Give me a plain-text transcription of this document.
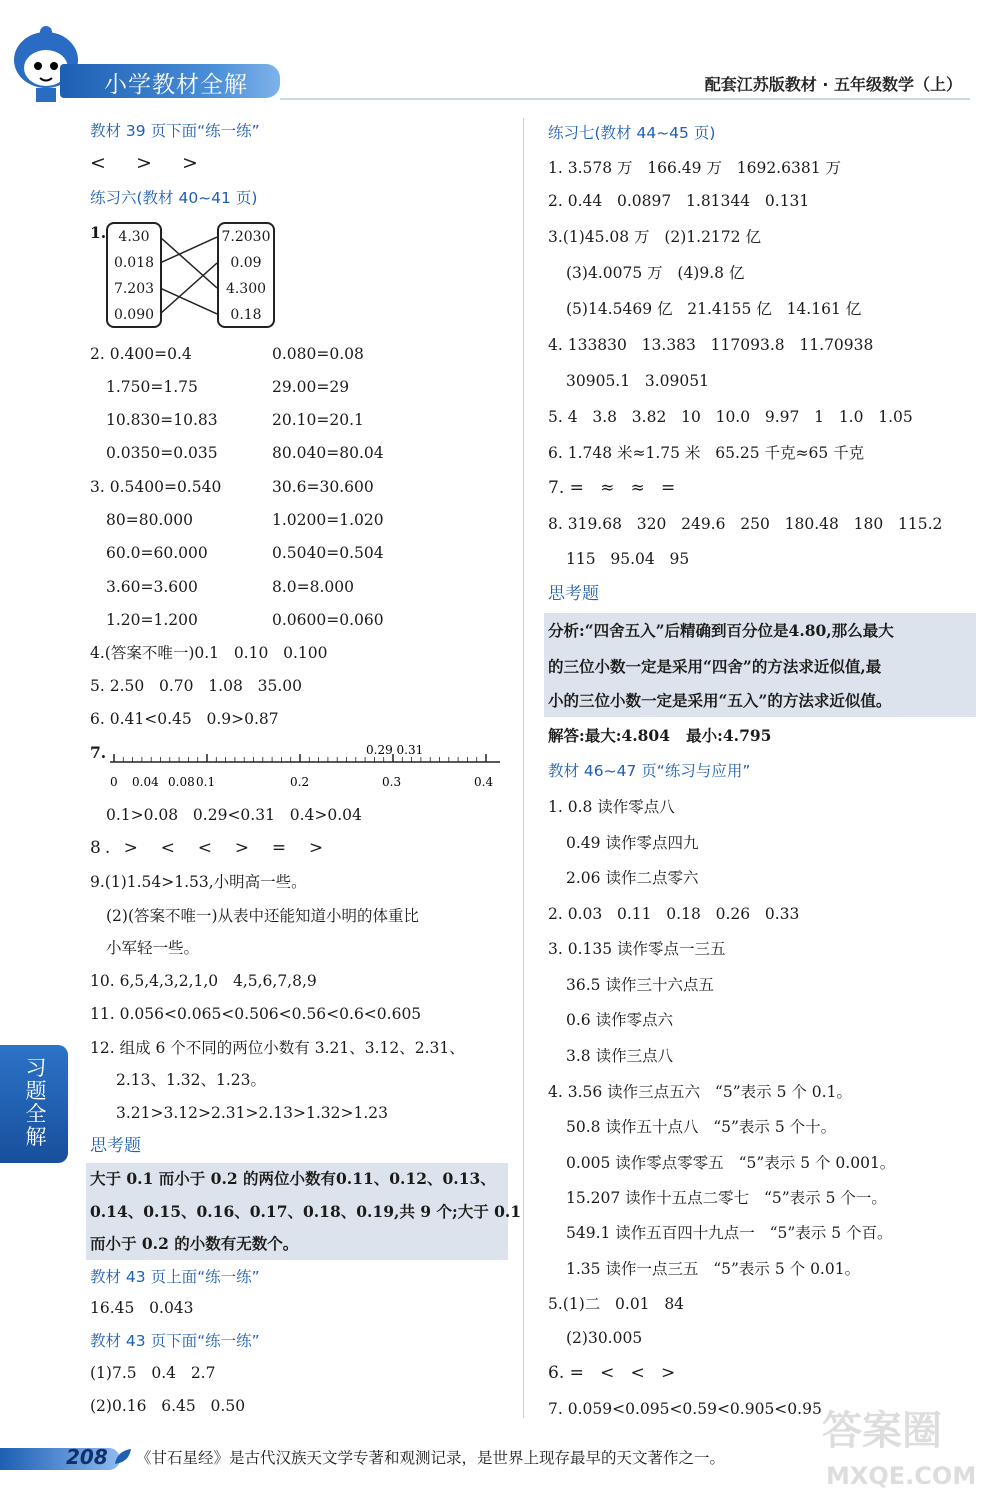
小学教材全解	配套江苏版教材 · 五年级数学（上）
教材 39 页下面“练一练”
<  >  >
练习六(教材 40~41 页)
1. 4.30
0.018
7.203
0.090
7.2030
0.09
4.300
0.18
2. 0.400=0.4	0.080=0.08
1.750=1.75	29.00=29
10.830=10.83	20.10=20.1
0.0350=0.035	80.040=80.04
3. 0.5400=0.540	30.6=30.600
80=80.000	1.0200=1.020
60.0=60.000	0.5040=0.504
3.60=3.600	8.0=8.000
1.20=1.200	0.0600=0.060
4.(答案不唯一)0.1   0.10   0.100
5. 2.50   0.70   1.08   35.00
6. 0.41<0.45   0.9>0.87
7.	0.29 0.31
0 0.04 0.08 0.1	0.2	0.3	0.4
0.1>0.08   0.29<0.31   0.4>0.04
8. >  <  <  >  =  >
9.(1)1.54>1.53,小明高一些。
(2)(答案不唯一)从表中还能知道小明的体重比
小军轻一些。
10. 6,5,4,3,2,1,0   4,5,6,7,8,9
11. 0.056<0.065<0.506<0.56<0.6<0.605
12. 组成 6 个不同的两位小数有 3.21、3.12、2.31、
2.13、1.32、1.23。
3.21>3.12>2.31>2.13>1.32>1.23
思考题
大于 0.1 而小于 0.2 的两位小数有0.11、0.12、0.13、
0.14、0.15、0.16、0.17、0.18、0.19,共 9 个;大于 0.1
而小于 0.2 的小数有无数个。
教材 43 页上面“练一练”
16.45   0.043
教材 43 页下面“练一练”
(1)7.5   0.4   2.7
(2)0.16   6.45   0.50
练习七(教材 44~45 页)
1. 3.578 万   166.49 万   1692.6381 万
2. 0.44   0.0897   1.81344   0.131
3.(1)45.08 万   (2)1.2172 亿
(3)4.0075 万   (4)9.8 亿
(5)14.5469 亿   21.4155 亿   14.161 亿
4. 133830   13.383   117093.8   11.70938
30905.1   3.09051
5. 4   3.8   3.82   10   10.0   9.97   1   1.0   1.05
6. 1.748 米≈1.75 米   65.25 千克≈65 千克
7. =   ≈   ≈   =
8. 319.68   320   249.6   250   180.48   180   115.2
115   95.04   95
思考题
分析:“四舍五入”后精确到百分位是4.80,那么最大
的三位小数一定是采用“四舍”的方法求近似值,最
小的三位小数一定是采用“五入”的方法求近似值。
解答:最大:4.804   最小:4.795
教材 46~47 页“练习与应用”
1. 0.8 读作零点八
0.49 读作零点四九
2.06 读作二点零六
2. 0.03   0.11   0.18   0.26   0.33
3. 0.135 读作零点一三五
36.5 读作三十六点五
0.6 读作零点六
3.8 读作三点八
4. 3.56 读作三点五六   “5”表示 5 个 0.1。
50.8 读作五十点八   “5”表示 5 个十。
0.005 读作零点零零五   “5”表示 5 个 0.001。
15.207 读作十五点二零七   “5”表示 5 个一。
549.1 读作五百四十九点一   “5”表示 5 个百。
1.35 读作一点三五   “5”表示 5 个 0.01。
5.(1)二   0.01   84
(2)30.005
6. =   <   <   >
7. 0.059<0.095<0.59<0.905<0.95
习题全解
208 《甘石星经》是古代汉族天文学专著和观测记录，是世界上现存最早的天文著作之一。
答案圈
MXQE.COM
